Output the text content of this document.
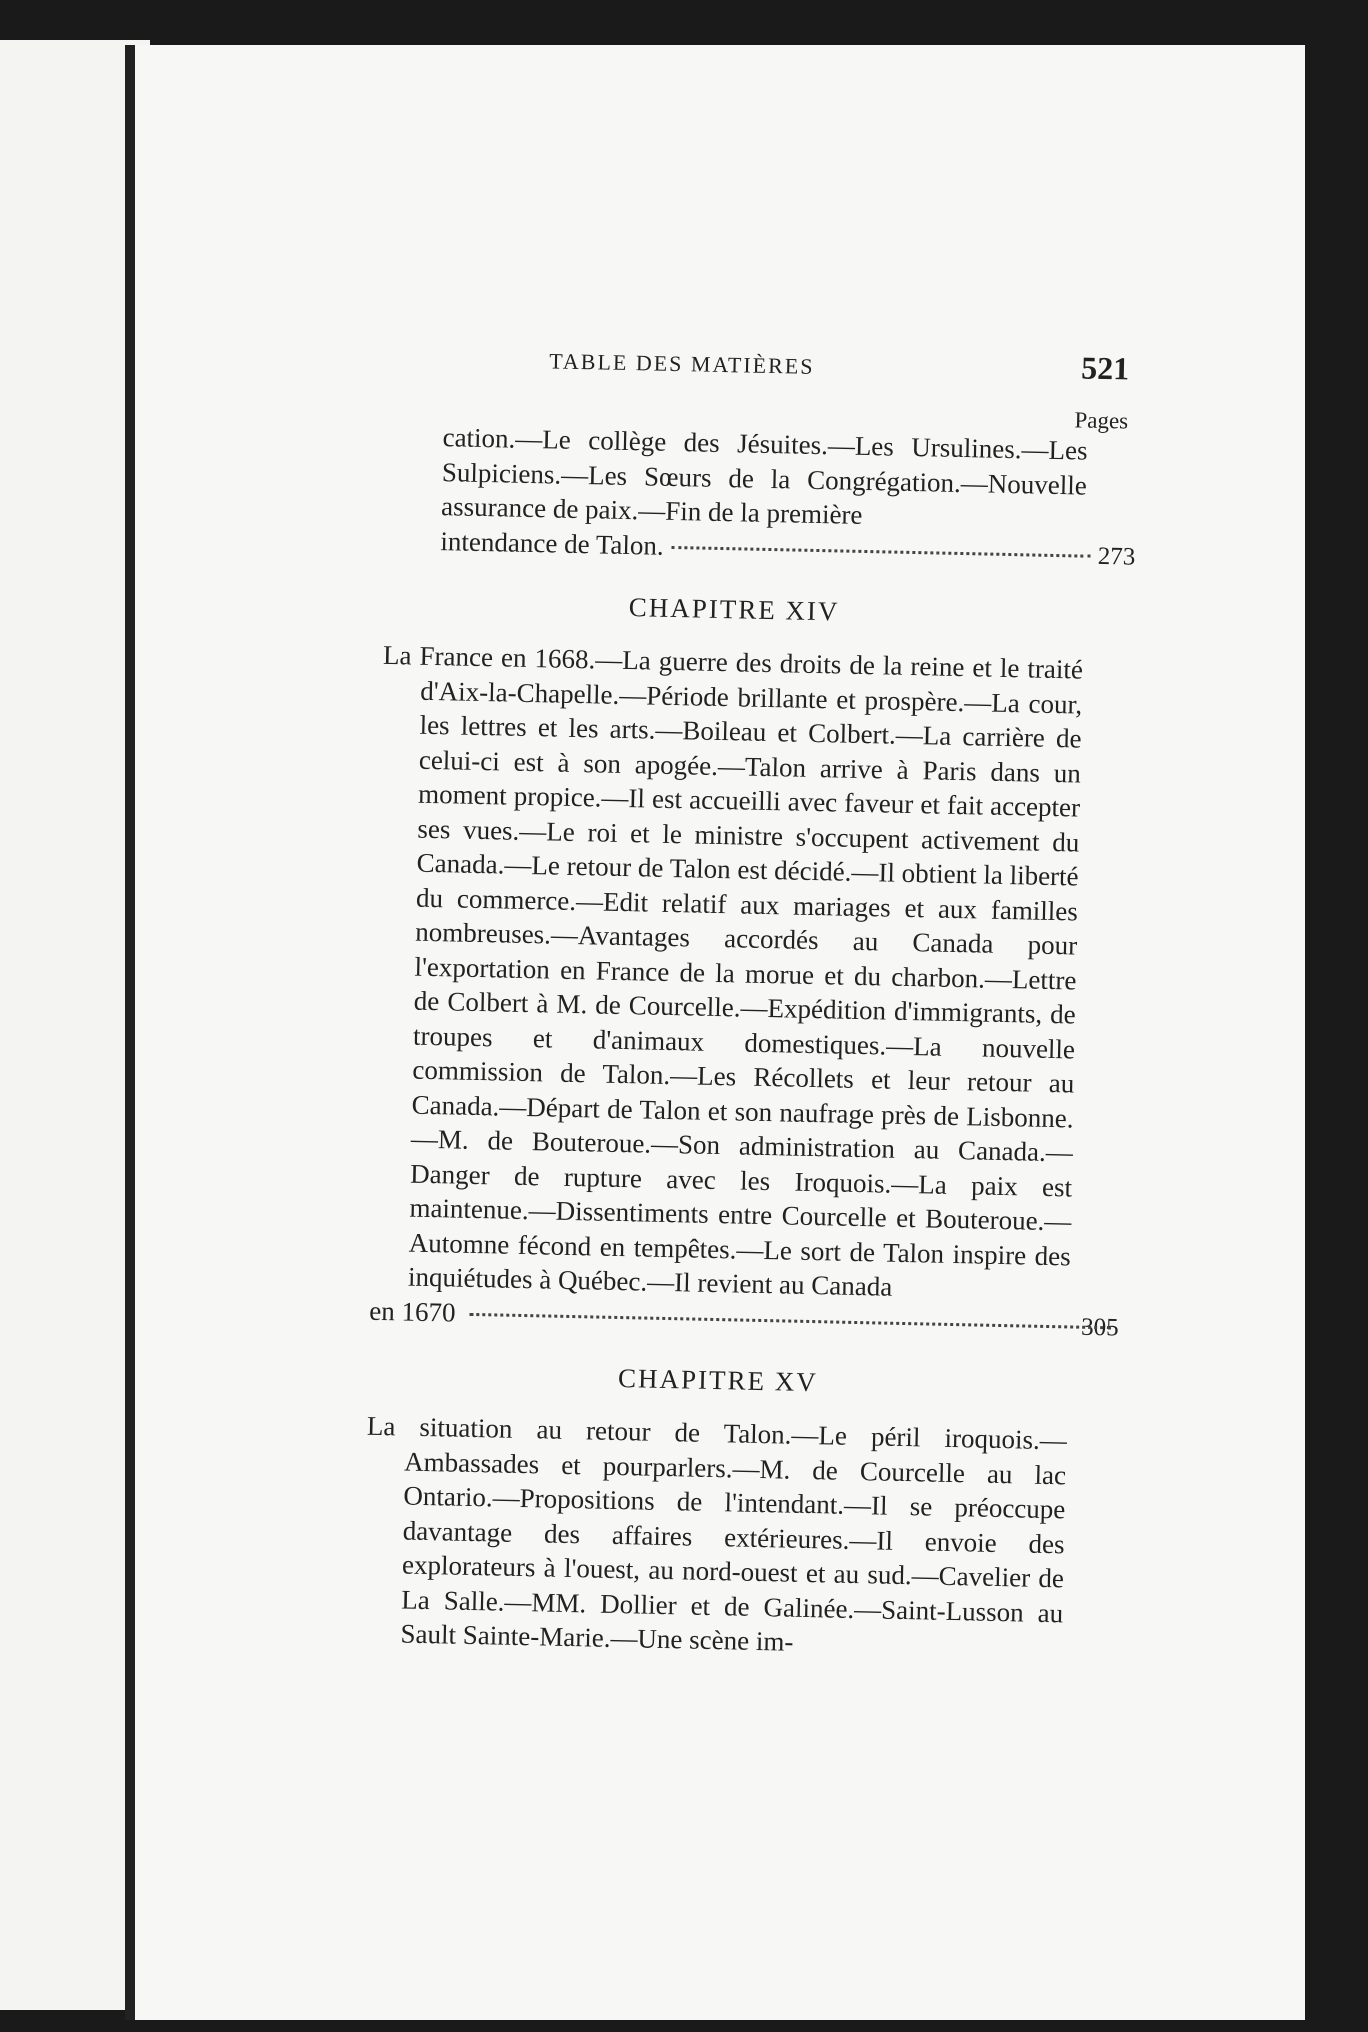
TABLE DES MATIÈRES	521
Pages
cation.—Le collège des Jésuites.—Les Ursulines.—Les Sulpiciens.—Les Sœurs de la Congrégation.—Nouvelle assurance de paix.—Fin de la première
intendance de Talon.	273
CHAPITRE XIV
La France en 1668.—La guerre des droits de la reine et le traité d'Aix-la-Chapelle.—Période brillante et prospère.—La cour, les lettres et les arts.—Boileau et Colbert.—La carrière de celui-ci est à son apogée.—Talon arrive à Paris dans un moment propice.—Il est accueilli avec faveur et fait accepter ses vues.—Le roi et le ministre s'occupent activement du Canada.—Le retour de Talon est décidé.—Il obtient la liberté du commerce.—Edit relatif aux mariages et aux familles nombreuses.—Avantages accordés au Canada pour l'exportation en France de la morue et du charbon.—Lettre de Colbert à M. de Courcelle.—Expédition d'immigrants, de troupes et d'animaux domestiques.—La nouvelle commission de Talon.—Les Récollets et leur retour au Canada.—Départ de Talon et son naufrage près de Lisbonne.—M. de Bouteroue.—Son administration au Canada.—Danger de rupture avec les Iroquois.—La paix est maintenue.—Dissentiments entre Courcelle et Bouteroue.—Automne fécond en tempêtes.—Le sort de Talon inspire des inquiétudes à Québec.—Il revient au Canada
en 1670
305
CHAPITRE XV
La situation au retour de Talon.—Le péril iroquois.—Ambassades et pourparlers.—M. de Courcelle au lac Ontario.—Propositions de l'intendant.—Il se préoccupe davantage des affaires extérieures.—Il envoie des explorateurs à l'ouest, au nord-ouest et au sud.—Cavelier de La Salle.—MM. Dollier et de Galinée.—Saint-Lusson au Sault Sainte-Marie.—Une scène im-
